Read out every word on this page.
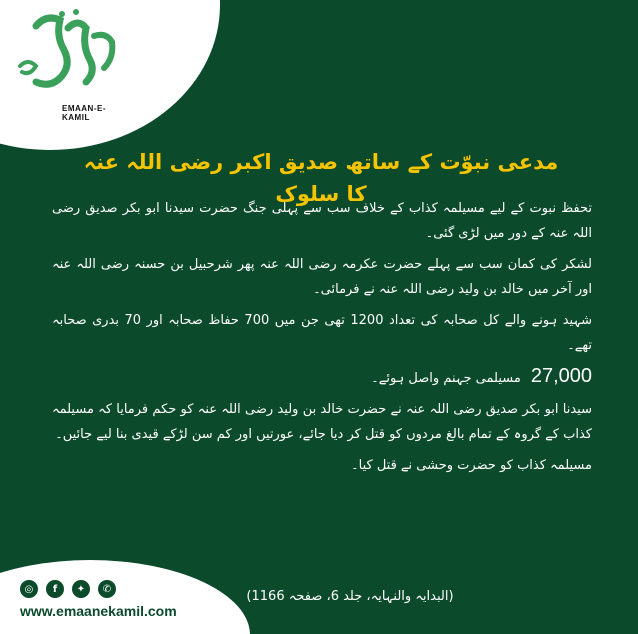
EMAAN-E-KAMIL
مدعی نبوّت کے ساتھ صدیق اکبر رضی اللہ عنہ کا سلوک

تحفظ نبوت کے لیے مسیلمہ کذاب کے خلاف سب سے پہلی جنگ حضرت سیدنا ابو بکر صدیق رضی اللہ عنہ کے دور میں لڑی گئی۔

لشکر کی کمان سب سے پہلے حضرت عکرمہ رضی اللہ عنہ پھر شرحبیل بن حسنہ رضی اللہ عنہ اور آخر میں خالد بن ولید رضی اللہ عنہ نے فرمائی۔

شہید ہونے والے کل صحابہ کی تعداد 1200 تھی جن میں 700 حفاظ صحابہ اور 70 بدری صحابہ تھے۔

27,000مسیلمی جہنم واصل ہوئے۔

سیدنا ابو بکر صدیق رضی اللہ عنہ نے حضرت خالد بن ولید رضی اللہ عنہ کو حکم فرمایا کہ مسیلمہ کذاب کے گروہ کے تمام بالغ مردوں کو قتل کر دیا جائے، عورتیں اور کم سن لڑکے قیدی بنا لیے جائیں۔

مسیلمہ کذاب کو حضرت وحشی نے قتل کیا۔

(البدایہ والنہایہ، جلد 6، صفحہ 1166)
◎	f	✦	✆
www.emaanekamil.com
